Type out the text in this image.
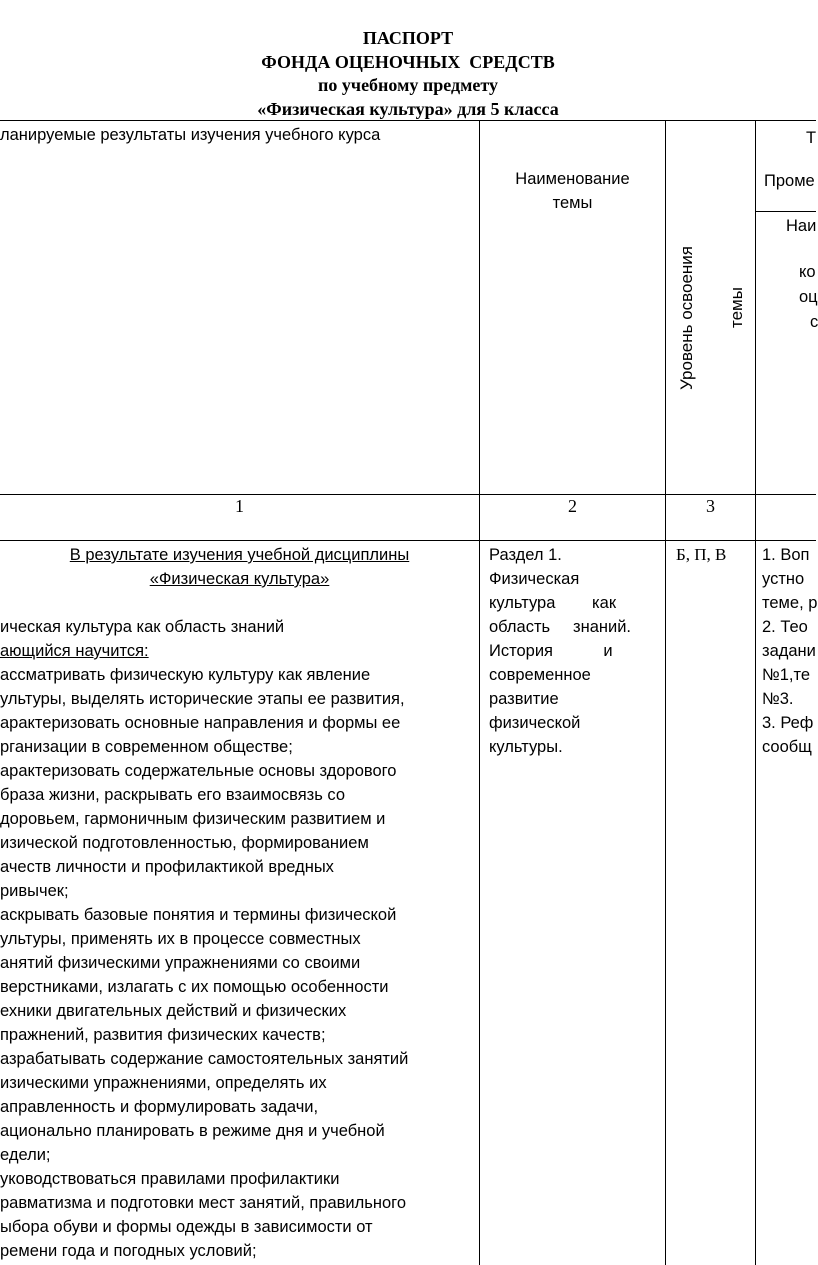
ПАСПОРТ
ФОНДА ОЦЕНОЧНЫХ  СРЕДСТВ
по учебному предмету
«Физическая культура» для 5 класса
ланируемые результаты изучения учебного курса
Наименование
темы
Уровень освоения темы
Т
Проме
Наи
ко
оц
с
1	2	3
В результате изучения учебной дисциплины
«Физическая культура»
ическая культура как область знаний
ающийся научится:
ассматривать физическую культуру как явление
ультуры, выделять исторические этапы ее развития,
арактеризовать основные направления и формы ее
рганизации в современном обществе;
арактеризовать содержательные основы здорового
браза жизни, раскрывать его взаимосвязь со
доровьем, гармоничным физическим развитием и
изической подготовленностью, формированием
ачеств личности и профилактикой вредных
ривычек;
аскрывать базовые понятия и термины физической
ультуры, применять их в процессе совместных
анятий физическими упражнениями со своими
верстниками, излагать с их помощью особенности
ехники двигательных действий и физических
пражнений, развития физических качеств;
азрабатывать содержание самостоятельных занятий
изическими упражнениями, определять их
аправленность и формулировать задачи,
ационально планировать в режиме дня и учебной
едели;
уководствоваться правилами профилактики
равматизма и подготовки мест занятий, правильного
ыбора обуви и формы одежды в зависимости от
ремени года и погодных условий;
Раздел 1.
Физическая
культура        как
область     знаний.
История           и
современное
развитие
физической
культуры.
Б, П, В 1. Воп
устно
теме, р
2. Тео
задани
№1,те
№3.
3. Реф
сообщ
